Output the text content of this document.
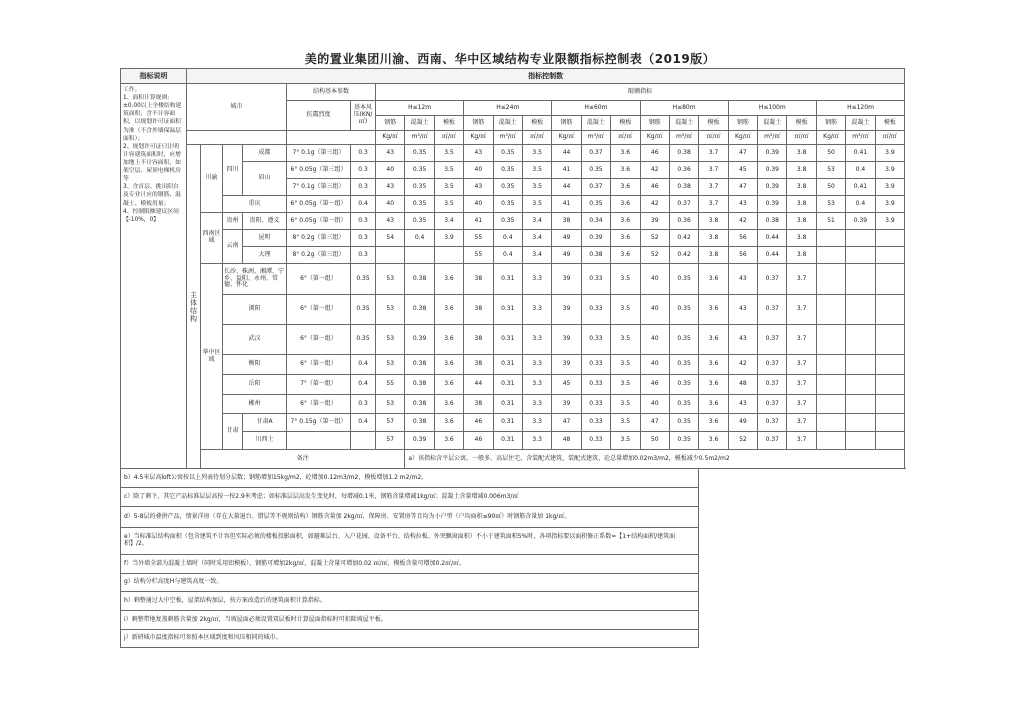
美的置业集团川渝、西南、华中区域结构专业限额指标控制表（2019版）
指标说明	指标控制数																							

工作。
1、面积计算规则：±0.00以上全楼结构建筑面积，含不计容面积，以规划许可证面积为准（不含外墙保温层面积）；
2、规划许可证只注明计容建筑面积时，应增加地上不计容面积，如架空层、屋顶电梯机房等
3、含首层、挑出阳台及专业计应的钢筋、混凝土、模板用量；
4、控制限额建议区间【-10%，0】	城市				结构基本参数		限额指标																	
					抗震烈度	基本风压(KN/㎡)	H≤12m			H≤24m			H≤60m			H≤80m			H≤100m			H≤120m		
							钢筋	混凝土	模板	钢筋	混凝土	模板	钢筋	混凝土	模板	钢筋	混凝土	模板	钢筋	混凝土	模板	钢筋	混凝土	模板
							Kg/㎡	m³/㎡	㎡/㎡	Kg/㎡	m³/㎡	㎡/㎡	Kg/㎡	m³/㎡	㎡/㎡	Kg/㎡	m³/㎡	㎡/㎡	Kg/㎡	m³/㎡	㎡/㎡	Kg/㎡	m³/㎡	㎡/㎡
	主体结构	川渝	四川	成都	7° 0.1g（第三组）	0.3	43	0.35	3.5	43	0.35	3.5	44	0.37	3.6	46	0.38	3.7	47	0.39	3.8	50	0.41	3.9
				眉山	6° 0.05g（第三组）	0.3	40	0.35	3.5	40	0.35	3.5	41	0.35	3.6	42	0.36	3.7	45	0.39	3.8	53	0.4	3.9
					7° 0.1g（第三组）	0.3	43	0.35	3.5	43	0.35	3.5	44	0.37	3.6	46	0.38	3.7	47	0.39	3.8	50	0.41	3.9
			重庆		6° 0.05g（第一组）	0.4	40	0.35	3.5	40	0.35	3.5	41	0.35	3.6	42	0.37	3.7	43	0.39	3.8	53	0.4	3.9
		西南区域	贵州	贵阳、遵义	6° 0.05g（第一组）	0.3	43	0.35	3.4	41	0.35	3.4	38	0.34	3.6	39	0.36	3.8	42	0.38	3.8	51	0.39	3.9
			云南	昆明	8° 0.2g（第三组）	0.3	54	0.4	3.9	55	0.4	3.4	49	0.39	3.6	52	0.42	3.8	56	0.44	3.8			
				大理	8° 0.2g（第三组）	0.3				55	0.4	3.4	49	0.38	3.6	52	0.42	3.8	56	0.44	3.8			
		华中区域	长沙、株洲、湘潭、宁乡、益阳、永州、常德、怀化		6°（第一组）	0.35	53	0.38	3.6	38	0.31	3.3	39	0.33	3.5	40	0.35	3.6	43	0.37	3.7			
			浏阳		6°（第一组）	0.35	53	0.38	3.6	38	0.31	3.3	39	0.33	3.5	40	0.35	3.6	43	0.37	3.7			
			武汉		6°（第一组）	0.35	53	0.39	3.6	38	0.31	3.3	39	0.33	3.5	40	0.35	3.6	43	0.37	3.7			
			衡阳		6°（第一组）	0.4	53	0.38	3.6	38	0.31	3.3	39	0.33	3.5	40	0.35	3.6	42	0.37	3.7			
			岳阳		7°（第一组）	0.4	55	0.38	3.6	44	0.31	3.3	45	0.33	3.5	46	0.35	3.6	48	0.37	3.7			
			郴州		6°（第一组）	0.3	53	0.38	3.6	38	0.31	3.3	39	0.33	3.5	40	0.35	3.6	43	0.37	3.7			
			甘肃	甘肃A	7° 0.15g（第一组）	0.4	57	0.38	3.6	46	0.31	3.3	47	0.33	3.5	47	0.35	3.6	49	0.37	3.7			
				川西土			57	0.39	3.6	46	0.31	3.3	48	0.33	3.5	50	0.35	3.6	52	0.37	3.7			
		备注						a）该指标含平层公寓，一般多、高层住宅，含装配式建筑，装配式建筑，砼总量增加0.02m3/m2，模板减少0.5m2/m2																
b）4.5米层高loft公寓按以上列表待划分层数；钢筋增加15kg/m2，砼增加0.12m3/m2，模板增加1.2 m2/m2。																								
c）除了剩下，其它产品标准层层高按一按2.9米考虑；如标准层层高发生变化时，每增减0.1米，钢筋含量增减1kg/㎡；混凝土含量增减0.006m3/㎡																								
d）5-8层的叠拼产品，情景洋房（存在大量退台、错层等不规则结构）钢筋含量加 2kg/㎡，保障房、安置房等且均为小户型（户均面积≤90㎡）时钢筋含量加 1kg/㎡。																								
e）当标准层结构面积（包含建筑不计容但实际必须的楼板投影面积，如避难层台、入户花园、设备平台、结构拉板、外突飘窗面积）不小于建筑面积5%时，各项指标要以面积修正系数=【1+结构面积/建筑面积】/2。																								
f）当外墙全部为混凝土墙时（同时采用铝模板），钢筋可增加2kg/㎡，混凝土含量可增加0.02 ㎡/㎡，模板含量可增加0.2㎡/㎡。																								
g）结构分栏高度H与建筑高度一致。																								
h）剩整通过大中空板，屋架结构加层，按方案改造后的建筑面积计算指标。																								
i）剩整带地复盖剩筋含量加 2kg/㎡，当坡屋面必须设置双层板时计算屋面指标时可扣除坡屋平板。																								
j）新研城市温度指标可参照本区域到度和风压相同的城市。																								
